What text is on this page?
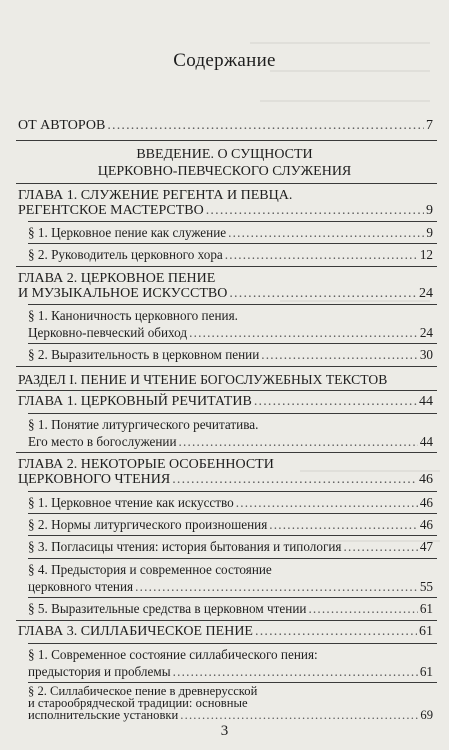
Содержание
ОТ АВТОРОВ .....	7
ВВЕДЕНИЕ. О СУЩНОСТИ
ЦЕРКОВНО-ПЕВЧЕСКОГО СЛУЖЕНИЯ
ГЛАВА 1. СЛУЖЕНИЕ РЕГЕНТА И ПЕВЦА.
РЕГЕНТСКОЕ МАСТЕРСТВО .....	9
§ 1. Церковное пение как служение .....	9
§ 2. Руководитель церковного хора .....	12
ГЛАВА 2. ЦЕРКОВНОЕ ПЕНИЕ
И МУЗЫКАЛЬНОЕ ИСКУССТВО .....	24
§ 1. Каноничность церковного пения.
Церковно-певческий обиход .....	24
§ 2. Выразительность в церковном пении .....	30
РАЗДЕЛ I. ПЕНИЕ И ЧТЕНИЕ БОГОСЛУЖЕБНЫХ ТЕКСТОВ
ГЛАВА 1. ЦЕРКОВНЫЙ РЕЧИТАТИВ .....	44
§ 1. Понятие литургического речитатива.
Его место в богослужении .....	44
ГЛАВА 2. НЕКОТОРЫЕ ОСОБЕННОСТИ
ЦЕРКОВНОГО ЧТЕНИЯ .....	46
§ 1. Церковное чтение как искусство .....	46
§ 2. Нормы литургического произношения .....	46
§ 3. Погласицы чтения: история бытования и типология .....	47
§ 4. Предыстория и современное состояние
церковного чтения .....	55
§ 5. Выразительные средства в церковном чтении .....	61
ГЛАВА 3. СИЛЛАБИЧЕСКОЕ ПЕНИЕ .....	61
§ 1. Современное состояние силлабического пения:
предыстория и проблемы .....	61
§ 2. Силлабическое пение в древнерусской
и старообрядческой традиции: основные
исполнительские установки .....	69
3
